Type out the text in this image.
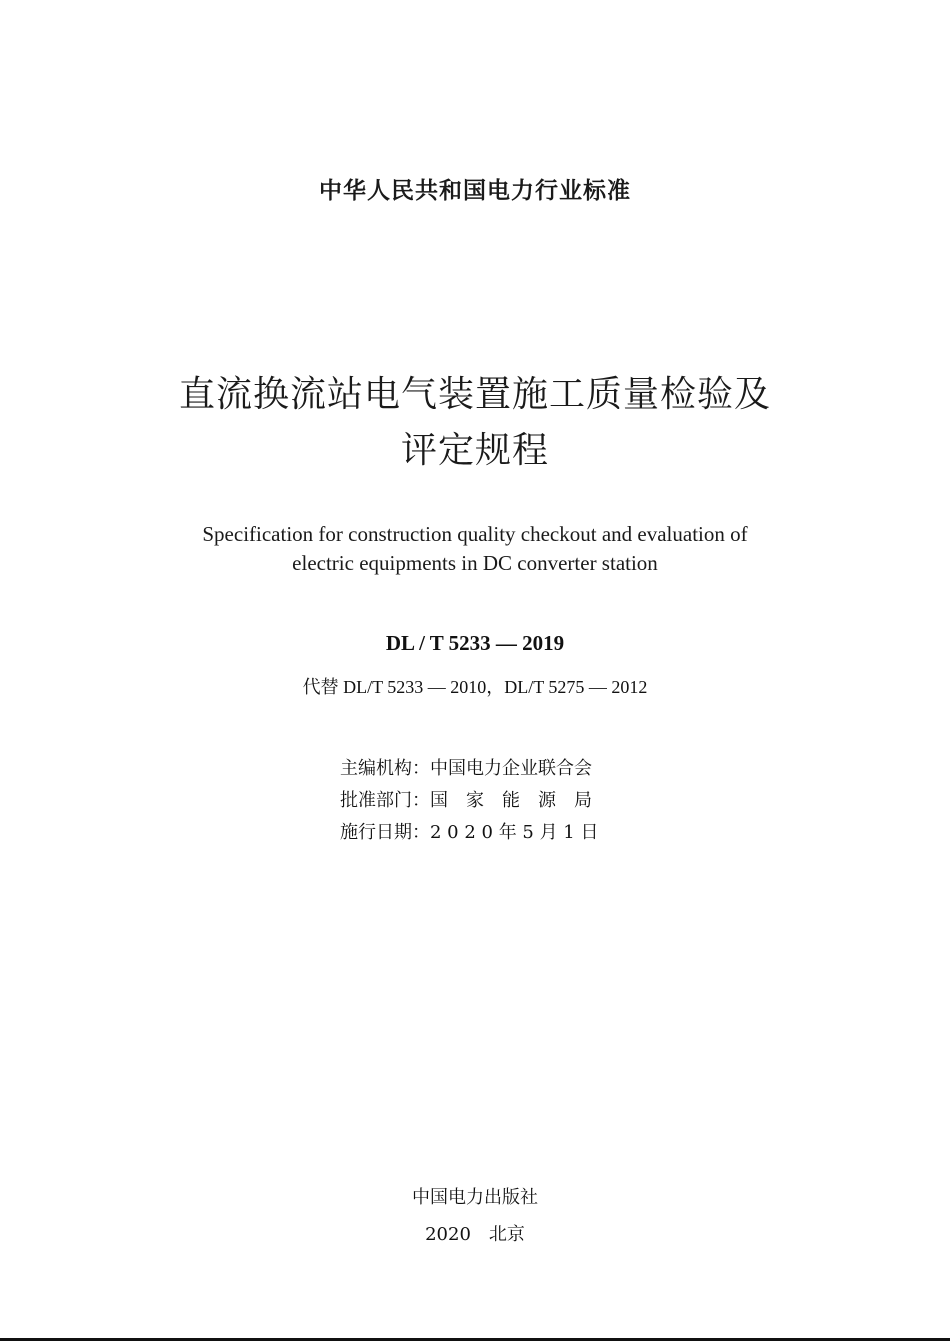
中华人民共和国电力行业标准
直流换流站电气装置施工质量检验及
评定规程
Specification for construction quality checkout and evaluation of
electric equipments in DC converter station
DL / T 5233 — 2019
代替 DL/T 5233 — 2010，DL/T 5275 — 2012
主编机构：中国电力企业联合会
批准部门：国　家　能　源　局
施行日期：2 0 2 0 年 5 月 1 日
中国电力出版社
2020　北京
